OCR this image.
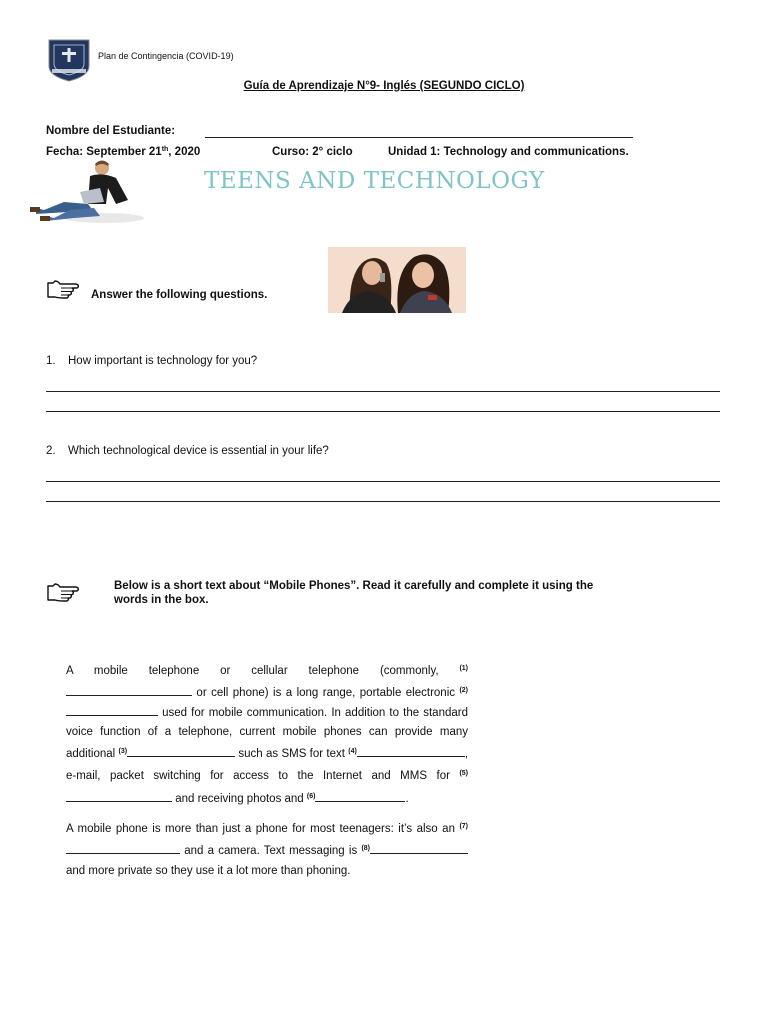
Plan de Contingencia (COVID-19)
Guía de Aprendizaje N°9- Inglés (SEGUNDO CICLO)
Nombre del Estudiante:
Fecha: September 21th, 2020	Curso: 2° ciclo	Unidad 1: Technology and communications.
TEENS AND TECHNOLOGY
Answer the following questions.
1. How important is technology for you?
2. Which technological device is essential in your life?
Below is a short text about “Mobile Phones”. Read it carefully and complete it using the
words in the box.

A mobile telephone or cellular telephone (commonly,	$^{(1)}$ or cell phone) is a long range, portable electronic $^{(2)}$ used for mobile communication. In addition to the standard voice function of a telephone, current mobile phones can provide many additional $^{(3)}$	such as SMS for text $^{(4)}$	, e-mail, packet switching for access to the Internet and MMS for $^{(5)}$ and receiving photos and $^{(6)}$	.

A mobile phone is more than just a phone for most teenagers: it’s also an $^{(7)}$ and a camera. Text messaging is $^{(8)}$ and more private so they use it a lot more than phoning.
